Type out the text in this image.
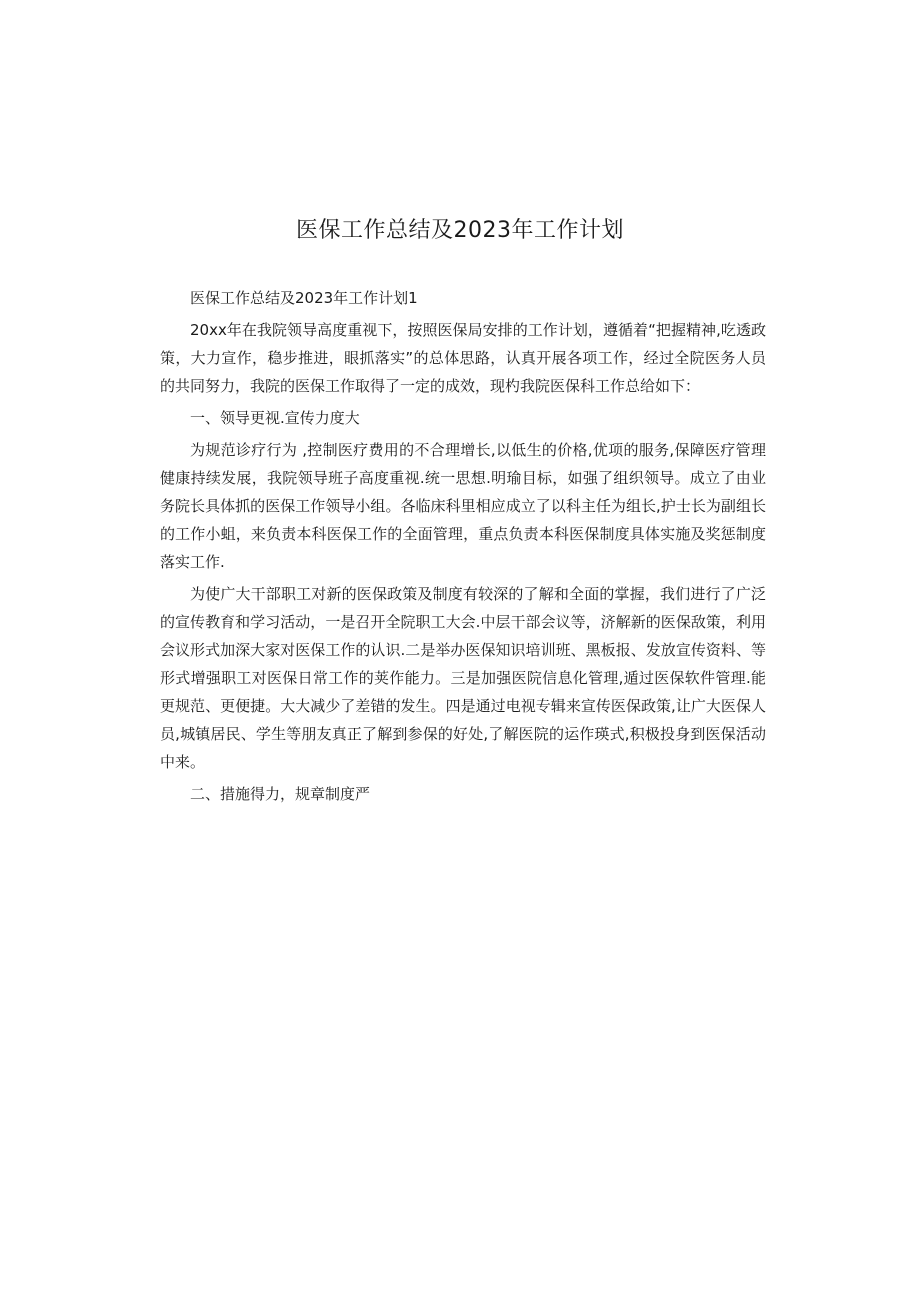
医保工作总结及2023年工作计划

医保工作总结及2023年工作计划1

20xx年在我院领导高度重视下，按照医保局安排的工作计划，遵循着“把握精神,吃透政策，大力宣作，稳步推进，眼抓落实”的总体思路，认真开展各项工作，经过全院医务人员的共同努力，我院的医保工作取得了一定的成效，现杓我院医保科工作总给如下：

一、领导更视.宣传力度大

为规范诊疗行为 ,控制医疗费用的不合理增长,以低生的价格,优项的服务,保障医疗管理健康持续发展，我院领导班子高度重视.统一思想.明瑜目标，如强了组织领导。成立了由业务院长具体抓的医保工作领导小组。各临床科里相应成立了以科主任为组长,护士长为副组长的工作小蛆，来负责本科医保工作的全面管理，重点负责本科医保制度具体实施及奖惩制度落实工作.

为使广大干部职工对新的医保政策及制度有较深的了解和全面的掌握，我们进行了广泛的宣传教育和学习活动，一是召开全院职工大会.中层干部会议等，济解新的医保敌策，利用会议形式加深大家对医保工作的认识.二是举办医保知识培训班、黑板报、发放宣传资料、等形式增强职工对医保日常工作的荚作能力。三是加强医院信息化管理,遁过医保软件管理.能更规范、更便捷。大大减少了差错的发生。四是通过电视专辑来宣传医保政策,让广大医保人员,城镇居民、学生等朋友真正了解到参保的好处,了解医院的运作瑛式,积极投身到医保活动中来。

二、措施得力，规章制度严
